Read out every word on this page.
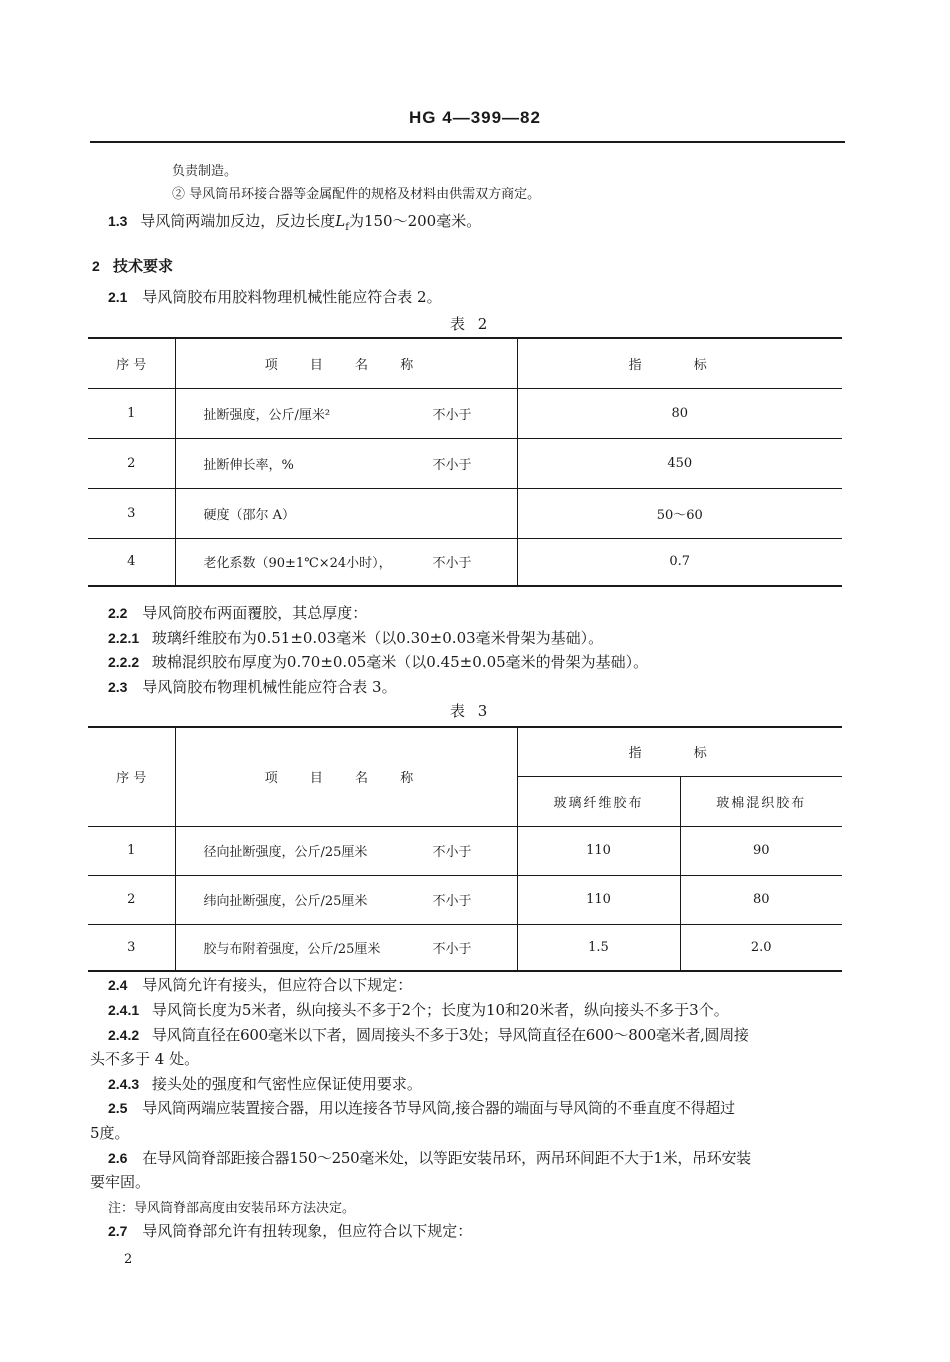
HG 4—399—82
负责制造。
② 导风筒吊环接合器等金属配件的规格及材料由供需双方商定。
1.3 导风筒两端加反边，反边长度$L_f$为150～200毫米。
2 技术要求
2.1 导风筒胶布用胶料物理机械性能应符合表 2。
表 2
序 号	项 目 名 称	指 标
1	扯断强度，公斤/厘米² 不小于	80
2	扯断伸长率，% 不小于	450
3	硬度（邵尔 A）	50～60
4	老化系数（90±1℃×24小时）， 不小于	0.7
2.2 导风筒胶布两面覆胶，其总厚度：
2.2.1 玻璃纤维胶布为0.51±0.03毫米（以0.30±0.03毫米骨架为基础）。
2.2.2 玻棉混织胶布厚度为0.70±0.05毫米（以0.45±0.05毫米的骨架为基础）。
2.3 导风筒胶布物理机械性能应符合表 3。
表 3
序 号	项 目 名 称	指 标	
		玻璃纤维胶布	玻棉混织胶布
1	径向扯断强度，公斤/25厘米 不小于	110	90
2	纬向扯断强度，公斤/25厘米 不小于	110	80
3	胶与布附着强度，公斤/25厘米 不小于	1.5	2.0
2.4 导风筒允许有接头，但应符合以下规定：
2.4.1 导风筒长度为5米者，纵向接头不多于2个；长度为10和20米者，纵向接头不多于3个。
2.4.2 导风筒直径在600毫米以下者，圆周接头不多于3处；导风筒直径在600～800毫米者,圆周接
头不多于 4 处。
2.4.3 接头处的强度和气密性应保证使用要求。
2.5 导风筒两端应装置接合器，用以连接各节导风筒,接合器的端面与导风筒的不垂直度不得超过
5度。
2.6 在导风筒脊部距接合器150～250毫米处，以等距安装吊环，两吊环间距不大于1米，吊环安装
要牢固。
注：导风筒脊部高度由安装吊环方法决定。
2.7 导风筒脊部允许有扭转现象，但应符合以下规定：
2
